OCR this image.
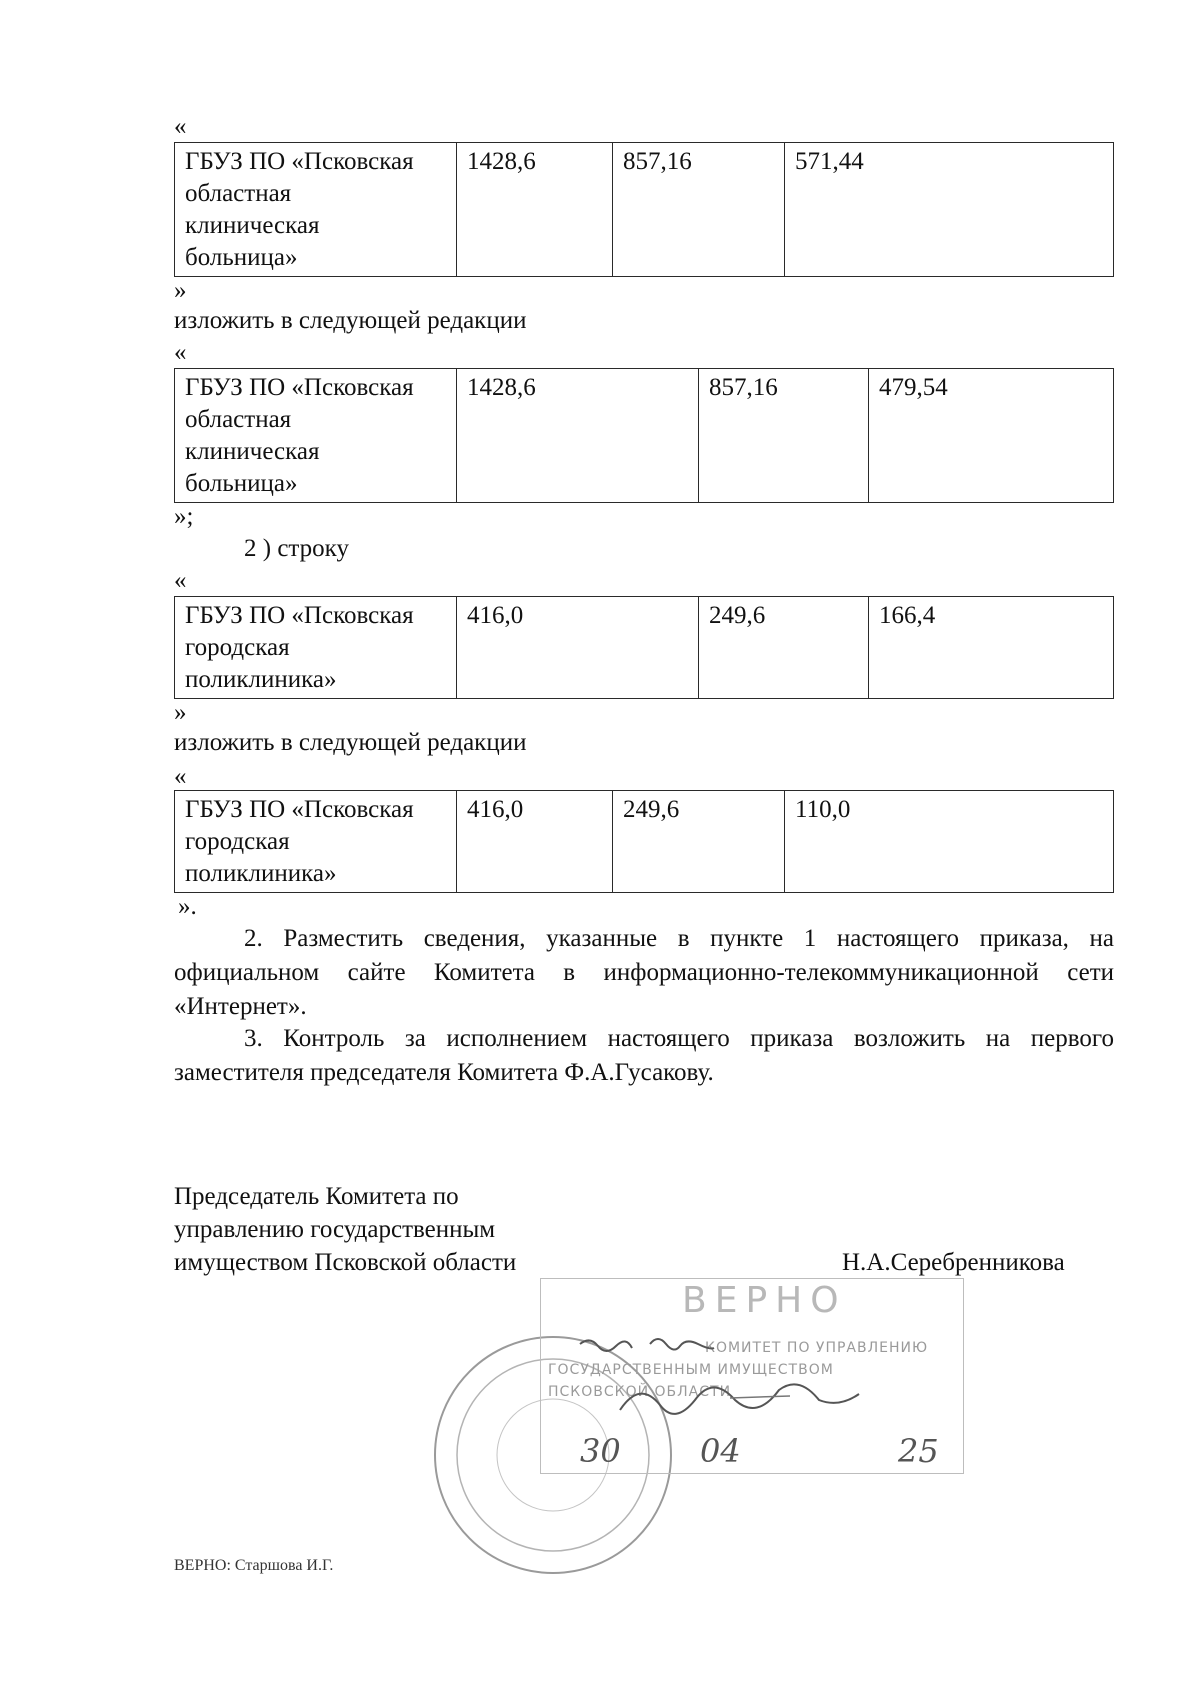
«
ГБУЗ ПО «Псковская
областная
клиническая
больница»	1428,6	857,16	571,44
»
изложить в следующей редакции
«
ГБУЗ ПО «Псковская
областная
клиническая
больница»	1428,6	857,16	479,54
»;
2 ) строку
«
ГБУЗ ПО «Псковская
городская
поликлиника»	416,0	249,6	166,4
»
изложить в следующей редакции
«
ГБУЗ ПО «Псковская
городская
поликлиника»	416,0	249,6	110,0
».
2. Разместить сведения, указанные в пункте 1 настоящего приказа, на официальном сайте Комитета в информационно-телекоммуникационной сети «Интернет».
3. Контроль за исполнением настоящего приказа возложить на первого заместителя председателя Комитета Ф.А.Гусакову.
Председатель Комитета по
управлению государственным
имуществом Псковской области	Н.А.Серебренникова
ВЕРНО
КОМИТЕТ ПО УПРАВЛЕНИЮ
ГОСУДАРСТВЕННЫМ ИМУЩЕСТВОМ
ПСКОВСКОЙ ОБЛАСТИ
30 04	25
ВЕРНО: Старшова И.Г.
